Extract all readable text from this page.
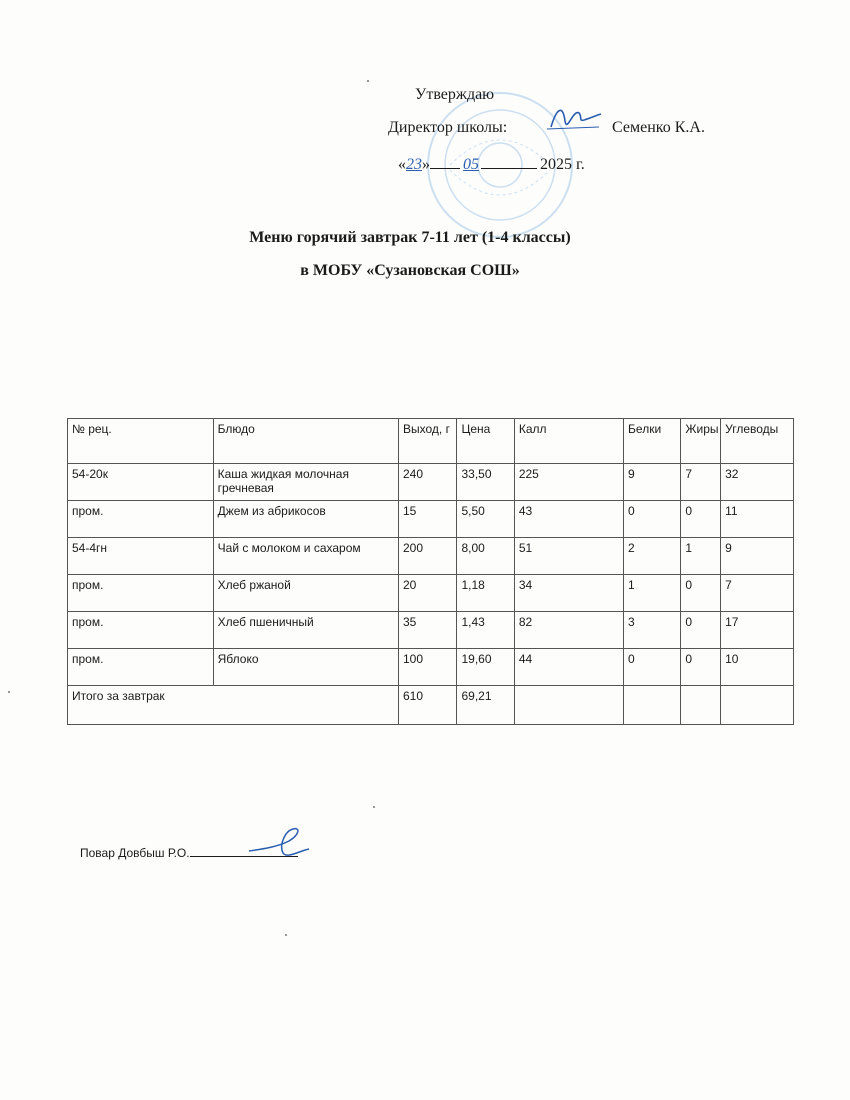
Утверждаю
Директор школы:	Семенко К.А.
«23» 05	2025 г.
Меню горячий завтрак 7-11 лет (1-4 классы)
в МОБУ «Сузановская СОШ»
№ рец.	Блюдо	Выход, г	Цена	Калл	Белки	Жиры	Углеводы
54-20к	Каша жидкая молочная гречневая	240	33,50	225	9	7	32
пром.	Джем из абрикосов	15	5,50	43	0	0	11
54-4гн	Чай с молоком и сахаром	200	8,00	51	2	1	9
пром.	Хлеб ржаной	20	1,18	34	1	0	7
пром.	Хлеб пшеничный	35	1,43	82	3	0	17
пром.	Яблоко	100	19,60	44	0	0	10
Итого за завтрак		610	69,21				
Повар Довбыш Р.О.
